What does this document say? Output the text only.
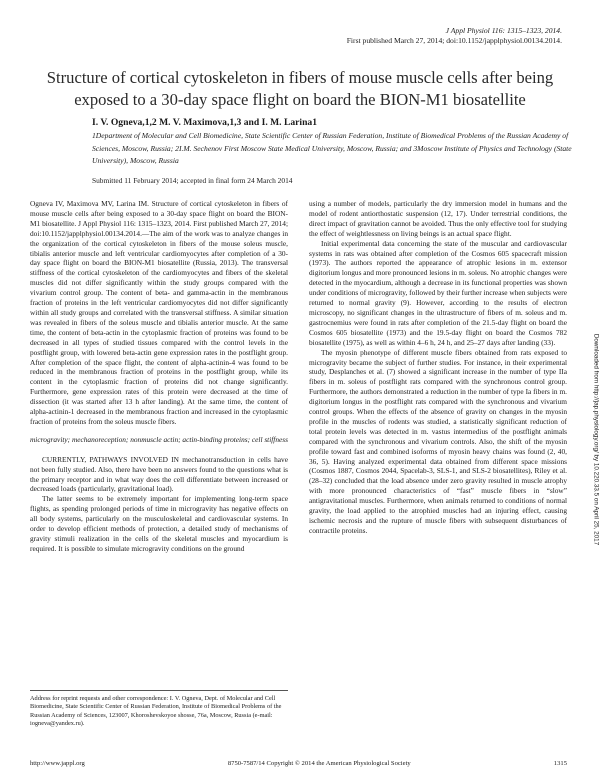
J Appl Physiol 116: 1315–1323, 2014.
First published March 27, 2014; doi:10.1152/japplphysiol.00134.2014.
Structure of cortical cytoskeleton in fibers of mouse muscle cells after being exposed to a 30-day space flight on board the BION-M1 biosatellite
I. V. Ogneva,1,2 M. V. Maximova,1,3 and I. M. Larina1
1Department of Molecular and Cell Biomedicine, State Scientific Center of Russian Federation, Institute of Biomedical Problems of the Russian Academy of Sciences, Moscow, Russia; 2I.M. Sechenov First Moscow State Medical University, Moscow, Russia; and 3Moscow Institute of Physics and Technology (State University), Moscow, Russia
Submitted 11 February 2014; accepted in final form 24 March 2014

Ogneva IV, Maximova MV, Larina IM. Structure of cortical cytoskeleton in fibers of mouse muscle cells after being exposed to a 30-day space flight on board the BION-M1 biosatellite. J Appl Physiol 116: 1315–1323, 2014. First published March 27, 2014; doi:10.1152/japplphysiol.00134.2014.—The aim of the work was to analyze changes in the organization of the cortical cytoskeleton in fibers of the mouse soleus muscle, tibialis anterior muscle and left ventricular cardiomyocytes after completion of a 30-day space flight on board the BION-M1 biosatellite (Russia, 2013). The transversal stiffness of the cortical cytoskeleton of the cardiomyocytes and fibers of the skeletal muscles did not differ significantly within the study groups compared with the vivarium control group. The content of beta- and gamma-actin in the membranous fraction of proteins in the left ventricular cardiomyocytes did not differ significantly within all study groups and correlated with the transversal stiffness. A similar situation was revealed in fibers of the soleus muscle and tibialis anterior muscle. At the same time, the content of beta-actin in the cytoplasmic fraction of proteins was found to be decreased in all types of studied tissues compared with the control levels in the postflight group, with lowered beta-actin gene expression rates in the postflight group. After completion of the space flight, the content of alpha-actinin-4 was found to be reduced in the membranous fraction of proteins in the postflight group, while its content in the cytoplasmic fraction of proteins did not change significantly. Furthermore, gene expression rates of this protein were decreased at the time of dissection (it was started after 13 h after landing). At the same time, the content of alpha-actinin-1 decreased in the membranous fraction and increased in the cytoplasmic fraction of proteins from the soleus muscle fibers.

microgravity; mechanoreception; nonmuscle actin; actin-binding proteins; cell stiffness

CURRENTLY, PATHWAYS INVOLVED IN mechanotransduction in cells have not been fully studied. Also, there have been no answers found to the questions what is the primary receptor and in what way does the cell differentiate between increased or decreased loads (particularly, gravitational load).

The latter seems to be extremely important for implementing long-term space flights, as spending prolonged periods of time in microgravity has negative effects on all body systems, particularly on the musculoskeletal and cardiovascular systems. In order to develop efficient methods of protection, a detailed study of mechanisms of gravity stimuli realization in the cells of the skeletal muscles and myocardium is required. It is possible to simulate microgravity conditions on the ground

Address for reprint requests and other correspondence: I. V. Ogneva, Dept. of Molecular and Cell Biomedicine, State Scientific Center of Russian Federation, Institute of Biomedical Problems of the Russian Academy of Sciences, 123007, Khoroshevskoyoe shosse, 76a, Moscow, Russia (e-mail: iogneva@yandex.ru).

using a number of models, particularly the dry immersion model in humans and the model of rodent antiorthostatic suspension (12, 17). Under terrestrial conditions, the direct impact of gravitation cannot be avoided. Thus the only effective tool for studying the effect of weightlessness on living beings is an actual space flight.

Initial experimental data concerning the state of the muscular and cardiovascular systems in rats was obtained after completion of the Cosmos 605 spacecraft mission (1973). The authors reported the appearance of atrophic lesions in m. extensor digitorium longus and more pronounced lesions in m. soleus. No atrophic changes were detected in the myocardium, although a decrease in its functional properties was shown under conditions of microgravity, followed by their further increase when subjects were returned to normal gravity (9). However, according to the results of electron microscopy, no significant changes in the ultrastructure of fibers of m. soleus and m. gastrocnemius were found in rats after completion of the 21.5-day flight on board the Cosmos 605 biosatellite (1973) and the 19.5-day flight on board the Cosmos 782 biosatellite (1975), as well as within 4–6 h, 24 h, and 25–27 days after landing (33).

The myosin phenotype of different muscle fibers obtained from rats exposed to microgravity became the subject of further studies. For instance, in their experimental study, Desplanches et al. (7) showed a significant increase in the number of type IIa fibers in m. soleus of postflight rats compared with the synchronous control group. Furthermore, the authors demonstrated a reduction in the number of type Ia fibers in m. digitorium longus in the postflight rats compared with the synchronous and vivarium control groups. When the effects of the absence of gravity on changes in the myosin profile in the muscles of rodents was studied, a statistically significant reduction of total protein levels was detected in m. vastus intermedius of the postflight animals compared with the synchronous and vivarium controls. Also, the shift of the myosin profile toward fast and combined isoforms of myosin heavy chains was found (2, 40, 36, 5). Having analyzed experimental data obtained from different space missions (Cosmos 1887, Cosmos 2044, Spacelab-3, SLS-1, and SLS-2 biosatellites), Riley et al. (28–32) concluded that the load absence under zero gravity resulted in muscle atrophy with more pronounced characteristics of “fast” muscle fibers in “slow” antigravitational muscles. Furthermore, when animals returned to conditions of normal gravity, the load applied to the atrophied muscles had an injuring effect, causing ischemic necrosis and the rupture of muscle fibers with subsequent disturbances of contractile proteins.

http://www.jappl.org	8750-7587/14 Copyright © 2014 the American Physiological Society	1315
Downloaded from http://jap.physiology.org/ by 10.220.33.5 on April 25, 2017
